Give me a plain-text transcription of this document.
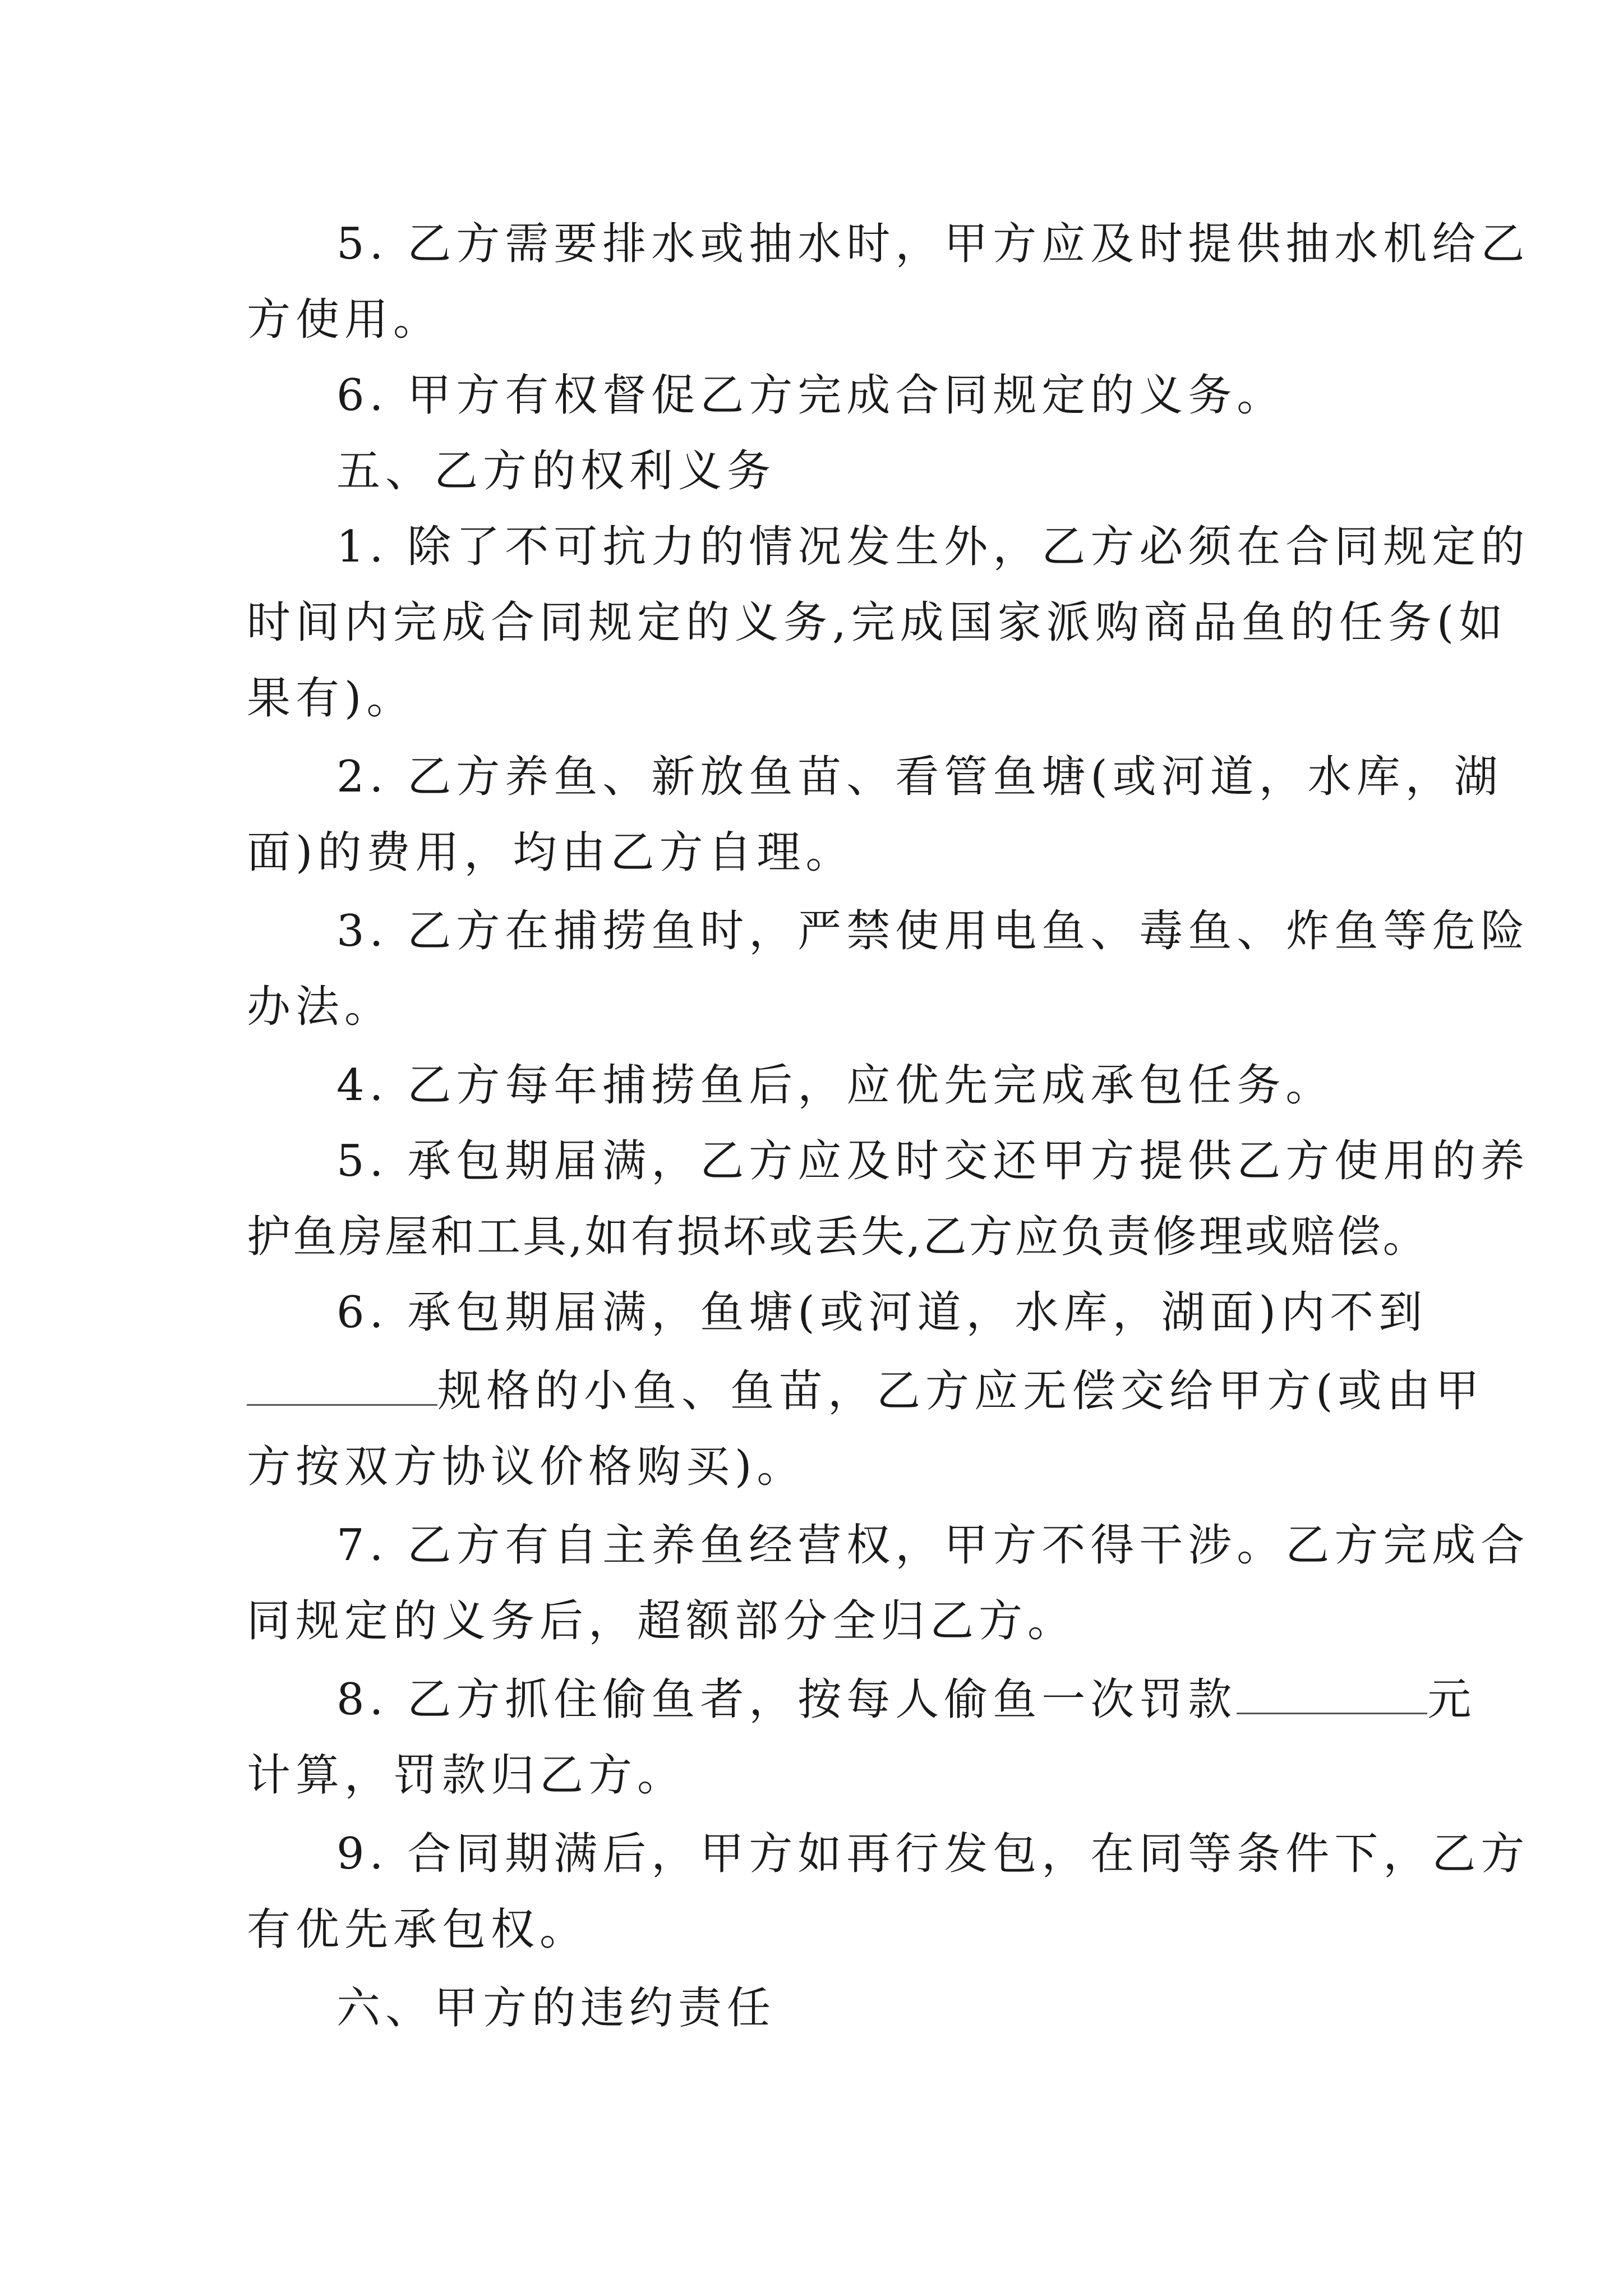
5. 乙方需要排水或抽水时，甲方应及时提供抽水机给乙
方使用。
6. 甲方有权督促乙方完成合同规定的义务。
五、乙方的权利义务
1. 除了不可抗力的情况发生外，乙方必须在合同规定的
时间内完成合同规定的义务,完成国家派购商品鱼的任务(如
果有)。
2. 乙方养鱼、新放鱼苗、看管鱼塘(或河道，水库，湖
面)的费用，均由乙方自理。
3. 乙方在捕捞鱼时，严禁使用电鱼、毒鱼、炸鱼等危险
办法。
4. 乙方每年捕捞鱼后，应优先完成承包任务。
5. 承包期届满，乙方应及时交还甲方提供乙方使用的养
护鱼房屋和工具,如有损坏或丢失,乙方应负责修理或赔偿。
6. 承包期届满，鱼塘(或河道，水库，湖面)内不到
规格的小鱼、鱼苗，乙方应无偿交给甲方(或由甲
方按双方协议价格购买)。
7. 乙方有自主养鱼经营权，甲方不得干涉。乙方完成合
同规定的义务后，超额部分全归乙方。
8. 乙方抓住偷鱼者，按每人偷鱼一次罚款	元
计算，罚款归乙方。
9. 合同期满后，甲方如再行发包，在同等条件下，乙方
有优先承包权。
六、甲方的违约责任
